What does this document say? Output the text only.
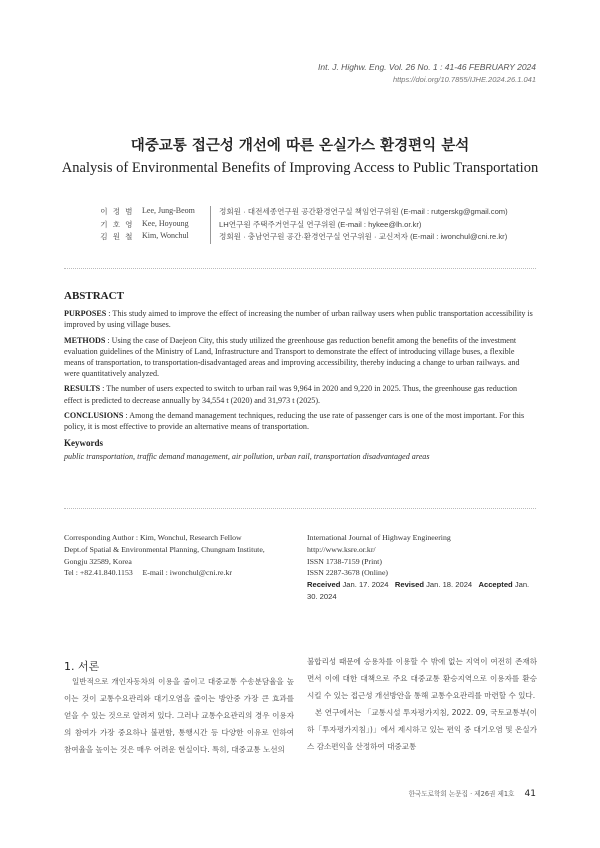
Int. J. Highw. Eng. Vol. 26 No. 1 : 41-46 FEBRUARY 2024
https://doi.org/10.7855/IJHE.2024.26.1.041
대중교통 접근성 개선에 따른 온실가스 환경편익 분석
Analysis of Environmental Benefits of Improving Access to Public Transportation
이 정 범	Lee, Jung-Beom	정회원 · 대전세종연구원 공간환경연구실 책임연구위원 (E-mail : rutgerskg@gmail.com)
기 호 영	Kee, Hoyoung	LH연구원 주택주거연구실 연구위원 (E-mail : hykee@lh.or.kr)
김 원 철	Kim, Wonchul	정회원 · 충남연구원 공간·환경연구실 연구위원 · 교신저자 (E-mail : iwonchul@cni.re.kr)
ABSTRACT

PURPOSES : This study aimed to improve the effect of increasing the number of urban railway users when public transportation accessibility is improved by using village buses.

METHODS : Using the case of Daejeon City, this study utilized the greenhouse gas reduction benefit among the benefits of the investment evaluation guidelines of the Ministry of Land, Infrastructure and Transport to demonstrate the effect of introducing village buses, a flexible means of transportation, to transportation-disadvantaged areas and improving accessibility, thereby inducing a change to urban railways. and were quantitatively analyzed.

RESULTS : The number of users expected to switch to urban rail was 9,964 in 2020 and 9,220 in 2025. Thus, the greenhouse gas reduction effect is predicted to decrease annually by 34,554 t (2020) and 31,973 t (2025).

CONCLUSIONS : Among the demand management techniques, reducing the use rate of passenger cars is one of the most important. For this policy, it is most effective to provide an alternative means of transportation.

Keywords
public transportation, traffic demand management, air pollution, urban rail, transportation disadvantaged areas
Corresponding Author : Kim, Wonchul, Research Fellow
Dept.of Spatial & Environmental Planning, Chungnam Institute,
Gongju 32589, Korea
Tel : +82.41.840.1153     E-mail : iwonchul@cni.re.kr
International Journal of Highway Engineering
http://www.ksre.or.kr/
ISSN 1738-7159 (Print)
ISSN 2287-3678 (Online)
Received Jan. 17. 2024 Revised Jan. 18. 2024 Accepted Jan. 30. 2024
1. 서론
일반적으로 개인자동차의 이용을 줄이고 대중교통 수송분담율을 높이는 것이 교통수요관리와 대기오염을 줄이는 방안중 가장 큰 효과를 얻을 수 있는 것으로 알려져 있다. 그러나 교통수요관리의 경우 이용자의 참여가 가장 중요하나 불편함, 통행시간 등 다양한 이유로 인하여 참여율을 높이는 것은 매우 어려운 현실이다. 특히, 대중교통 노선의
불합리성 때문에 승용차를 이용할 수 밖에 없는 지역이 여전히 존재하면서 이에 대한 대책으로 주요 대중교통 환승지역으로 이용자를 환승시킬 수 있는 접근성 개선방안을 통해 교통수요관리를 마련할 수 있다.
본 연구에서는 「교통시설 투자평가지침, 2022. 09, 국토교통부(이하「투자평가지침」)」에서 제시하고 있는 편익 중 대기오염 및 온실가스 감소편익을 산정하여 대중교통
한국도로학회 논문집 · 제26권 제1호 41
